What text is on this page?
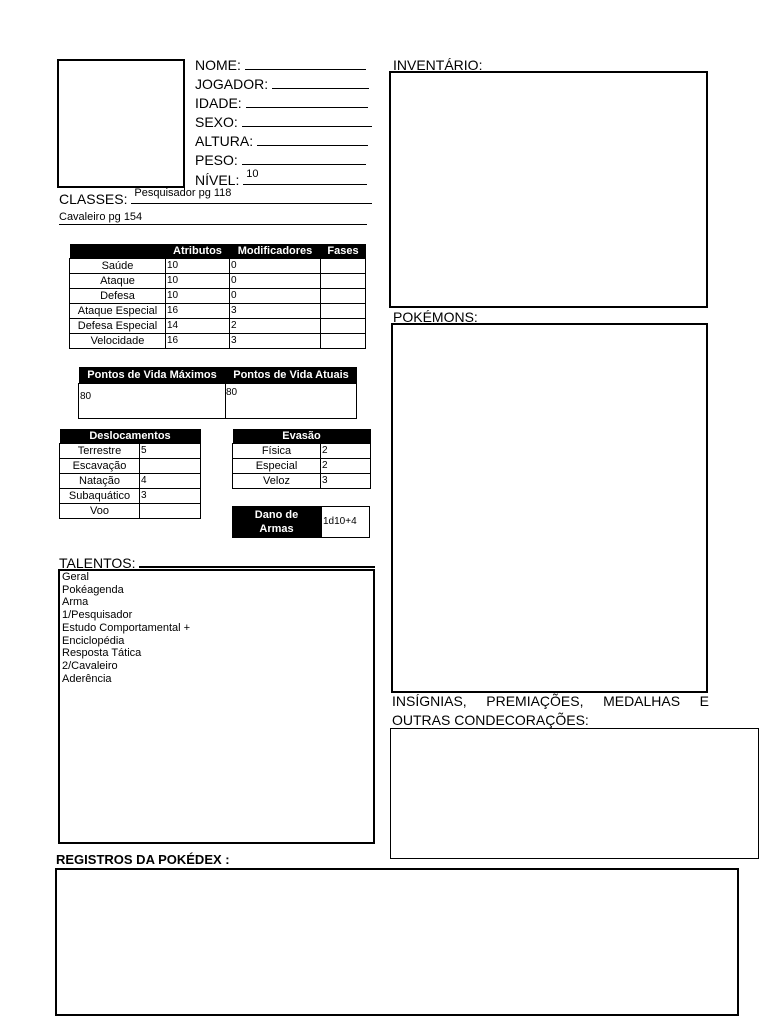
NOME:
JOGADOR:
IDADE:
SEXO:
ALTURA:
PESO:
NÍVEL: 10
CLASSES: Pesquisador pg 118
Cavaleiro pg 154
	Atributos	Modificadores	Fases
Saúde	10	0	
Ataque	10	0	
Defesa	10	0	
Ataque Especial	16	3	
Defesa Especial	14	2	
Velocidade	16	3	
Pontos de Vida Máximos	Pontos de Vida Atuais
80	80
Deslocamentos	
Terrestre	5
Escavação	
Natação	4
Subaquático	3
Voo	
Evasão	
Física	2
Especial	2
Veloz	3
Dano de
Armas
1d10+4
TALENTOS:
Geral
Pokéagenda
Arma
1/Pesquisador
Estudo Comportamental +
Enciclopédia
Resposta Tática
2/Cavaleiro
Aderência
INVENTÁRIO:
POKÉMONS:
INSÍGNIAS, PREMIAÇÕES, MEDALHAS E
OUTRAS CONDECORAÇÕES:
REGISTROS DA POKÉDEX :
